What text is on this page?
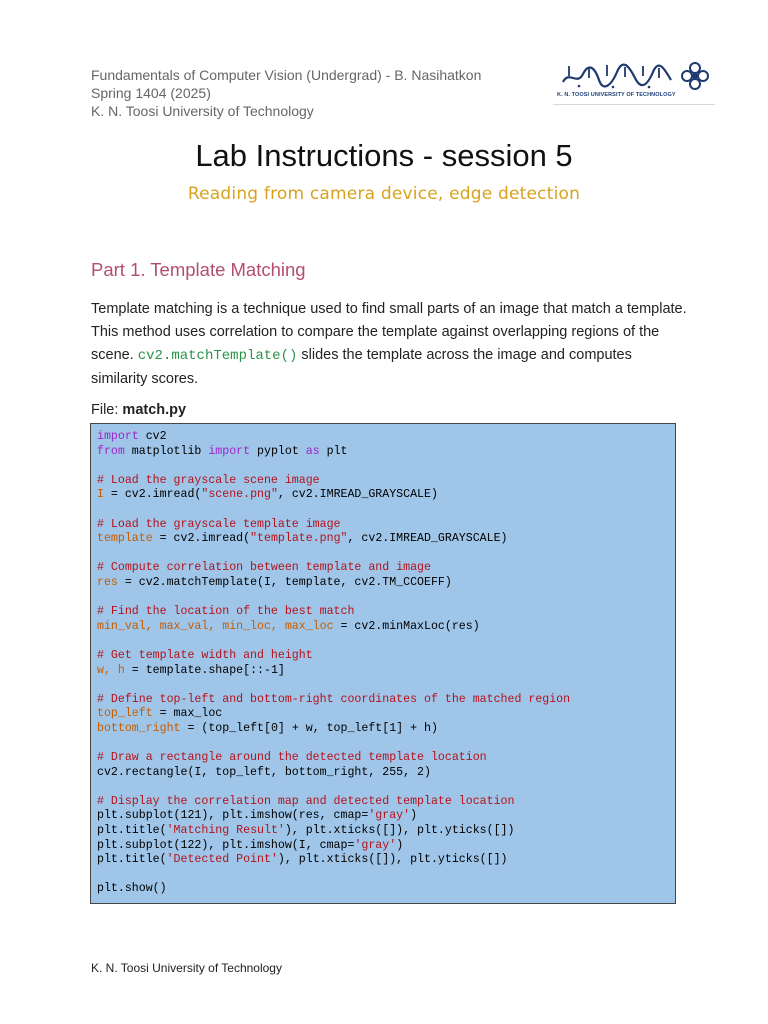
Fundamentals of Computer Vision (Undergrad) - B. Nasihatkon
Spring 1404 (2025)
K. N. Toosi University of Technology
K. N. TOOSI UNIVERSITY OF TECHNOLOGY
Lab Instructions - session 5
Reading from camera device, edge detection
Part 1. Template Matching
Template matching is a technique used to find small parts of an image that match a template. This method uses correlation to compare the template against overlapping regions of the scene. cv2.matchTemplate() slides the template across the image and computes similarity scores.
File: match.py
import cv2
from matplotlib import pyplot as plt

# Load the grayscale scene image
I = cv2.imread("scene.png", cv2.IMREAD_GRAYSCALE)

# Load the grayscale template image
template = cv2.imread("template.png", cv2.IMREAD_GRAYSCALE)

# Compute correlation between template and image
res = cv2.matchTemplate(I, template, cv2.TM_CCOEFF)

# Find the location of the best match
min_val, max_val, min_loc, max_loc = cv2.minMaxLoc(res)

# Get template width and height
w, h = template.shape[::-1]

# Define top-left and bottom-right coordinates of the matched region
top_left = max_loc
bottom_right = (top_left[0] + w, top_left[1] + h)

# Draw a rectangle around the detected template location
cv2.rectangle(I, top_left, bottom_right, 255, 2)

# Display the correlation map and detected template location
plt.subplot(121), plt.imshow(res, cmap='gray')
plt.title('Matching Result'), plt.xticks([]), plt.yticks([])
plt.subplot(122), plt.imshow(I, cmap='gray')
plt.title('Detected Point'), plt.xticks([]), plt.yticks([])

plt.show()
K. N. Toosi University of Technology
